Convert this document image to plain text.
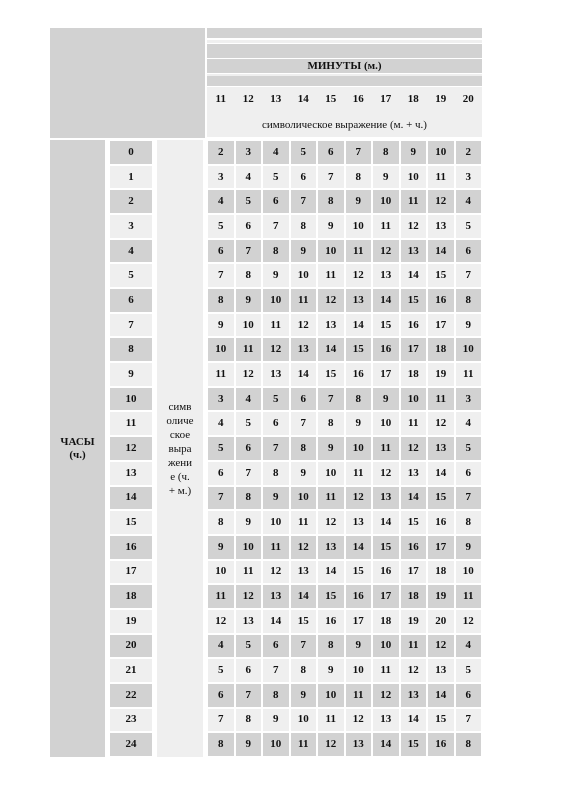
МИНУТЫ (м.)
символическое выражение (м. + ч.)
ЧАСЫ
(ч.)
симв
оличе
ское
выра
жени
е (ч.
+ м.)
11	12	13	14	15	16	17	18	19	20
0	2	3	4	5	6	7	8	9	10	2
1	3	4	5	6	7	8	9	10	11	3
2	4	5	6	7	8	9	10	11	12	4
3	5	6	7	8	9	10	11	12	13	5
4	6	7	8	9	10	11	12	13	14	6
5	7	8	9	10	11	12	13	14	15	7
6	8	9	10	11	12	13	14	15	16	8
7	9	10	11	12	13	14	15	16	17	9
8	10	11	12	13	14	15	16	17	18	10
9	11	12	13	14	15	16	17	18	19	11
10	3	4	5	6	7	8	9	10	11	3
11	4	5	6	7	8	9	10	11	12	4
12	5	6	7	8	9	10	11	12	13	5
13	6	7	8	9	10	11	12	13	14	6
14	7	8	9	10	11	12	13	14	15	7
15	8	9	10	11	12	13	14	15	16	8
16	9	10	11	12	13	14	15	16	17	9
17	10	11	12	13	14	15	16	17	18	10
18	11	12	13	14	15	16	17	18	19	11
19	12	13	14	15	16	17	18	19	20	12
20	4	5	6	7	8	9	10	11	12	4
21	5	6	7	8	9	10	11	12	13	5
22	6	7	8	9	10	11	12	13	14	6
23	7	8	9	10	11	12	13	14	15	7
24	8	9	10	11	12	13	14	15	16	8
